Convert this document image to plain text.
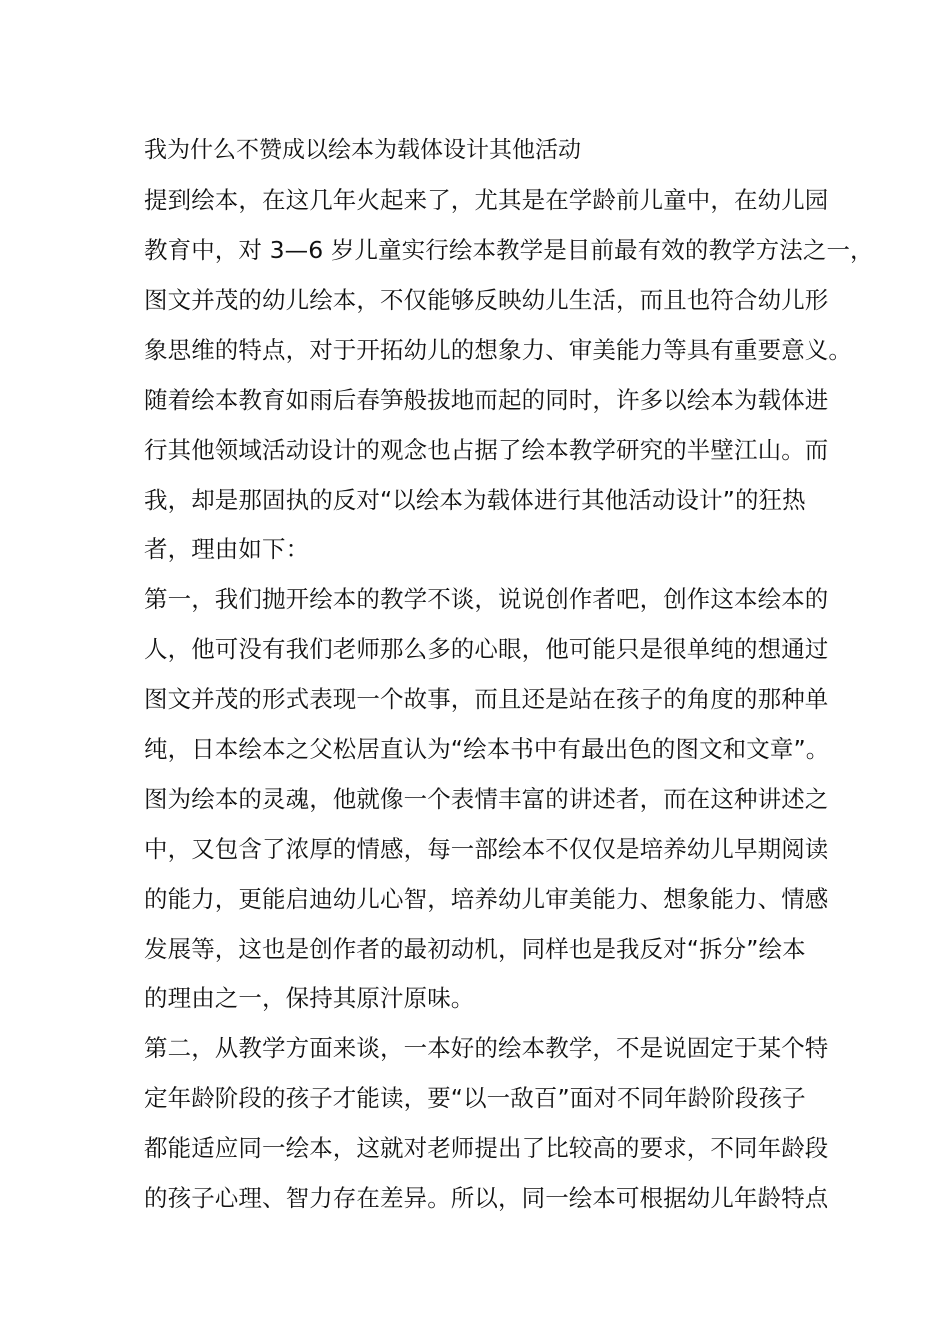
我为什么不赞成以绘本为载体设计其他活动
提到绘本，在这几年火起来了，尤其是在学龄前儿童中，在幼儿园
教育中，对 3—6 岁儿童实行绘本教学是目前最有效的教学方法之一，
图文并茂的幼儿绘本，不仅能够反映幼儿生活，而且也符合幼儿形
象思维的特点，对于开拓幼儿的想象力、审美能力等具有重要意义。
随着绘本教育如雨后春笋般拔地而起的同时，许多以绘本为载体进
行其他领域活动设计的观念也占据了绘本教学研究的半壁江山。而
我，却是那固执的反对“以绘本为载体进行其他活动设计”的狂热
者，理由如下：
第一，我们抛开绘本的教学不谈，说说创作者吧，创作这本绘本的
人，他可没有我们老师那么多的心眼，他可能只是很单纯的想通过
图文并茂的形式表现一个故事，而且还是站在孩子的角度的那种单
纯，日本绘本之父松居直认为“绘本书中有最出色的图文和文章”。
图为绘本的灵魂，他就像一个表情丰富的讲述者，而在这种讲述之
中，又包含了浓厚的情感，每一部绘本不仅仅是培养幼儿早期阅读
的能力，更能启迪幼儿心智，培养幼儿审美能力、想象能力、情感
发展等，这也是创作者的最初动机，同样也是我反对“拆分”绘本
的理由之一，保持其原汁原味。
第二，从教学方面来谈，一本好的绘本教学，不是说固定于某个特
定年龄阶段的孩子才能读，要“以一敌百”面对不同年龄阶段孩子
都能适应同一绘本，这就对老师提出了比较高的要求，不同年龄段
的孩子心理、智力存在差异。所以，同一绘本可根据幼儿年龄特点
